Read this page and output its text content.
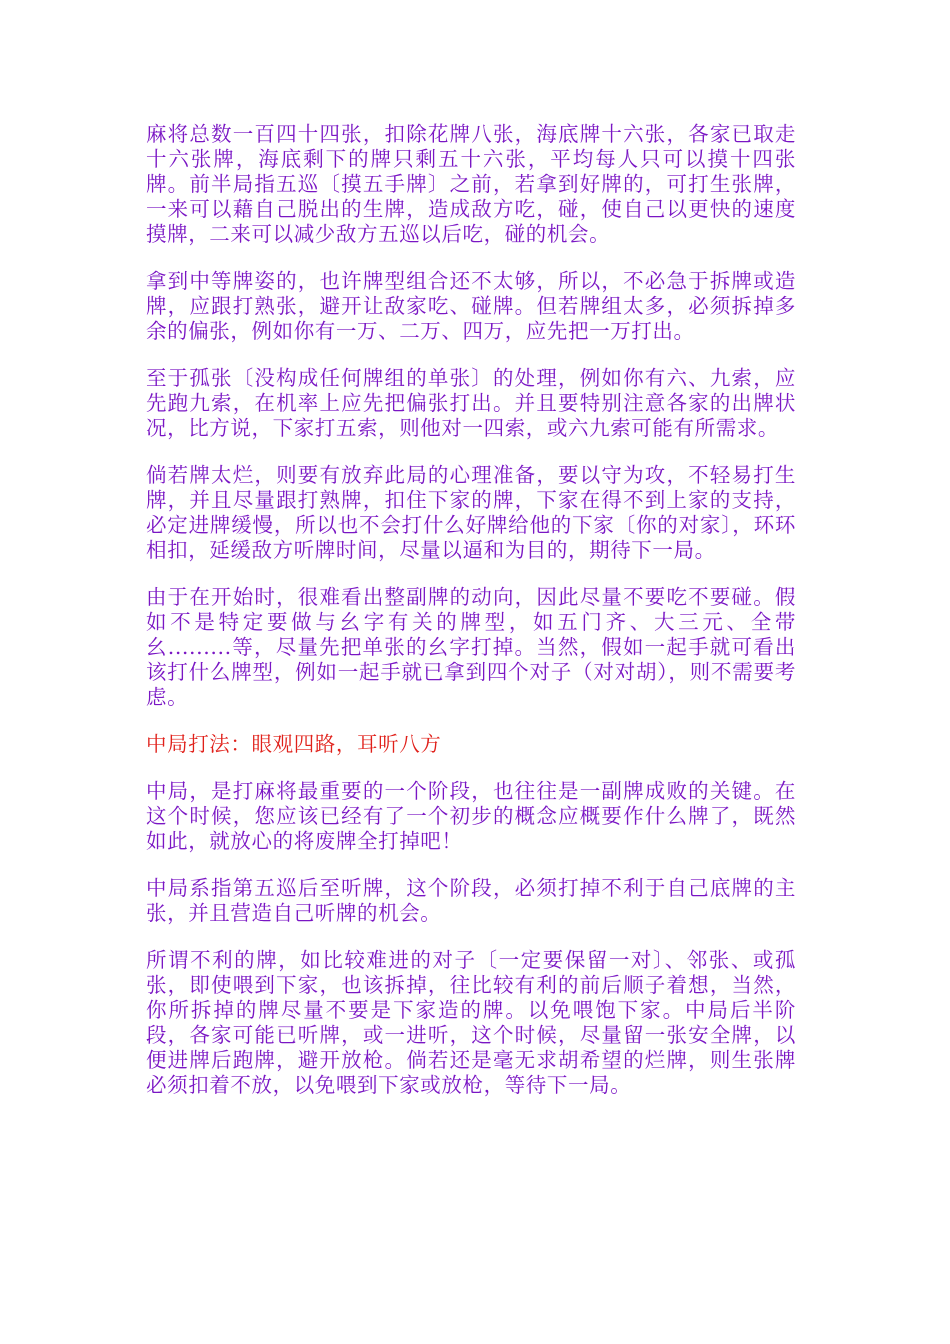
麻将总数一百四十四张，扣除花牌八张，海底牌十六张，各家已取走十六张牌，海底剩下的牌只剩五十六张，平均每人只可以摸十四张牌。前半局指五巡〔摸五手牌〕之前，若拿到好牌的，可打生张牌，一来可以藉自己脱出的生牌，造成敌方吃，碰，使自己以更快的速度摸牌，二来可以减少敌方五巡以后吃，碰的机会。

拿到中等牌姿的，也许牌型组合还不太够，所以，不必急于拆牌或造牌，应跟打熟张，避开让敌家吃、碰牌。但若牌组太多，必须拆掉多余的偏张，例如你有一万、二万、四万，应先把一万打出。

至于孤张〔没构成任何牌组的单张〕的处理，例如你有六、九索，应先跑九索，在机率上应先把偏张打出。并且要特别注意各家的出牌状况，比方说，下家打五索，则他对一四索，或六九索可能有所需求。

倘若牌太烂，则要有放弃此局的心理准备，要以守为攻，不轻易打生牌，并且尽量跟打熟牌，扣住下家的牌，下家在得不到上家的支持，必定进牌缓慢，所以也不会打什么好牌给他的下家〔你的对家〕，环环相扣，延缓敌方听牌时间，尽量以逼和为目的，期待下一局。

由于在开始时，很难看出整副牌的动向，因此尽量不要吃不要碰。假如不是特定要做与幺字有关的牌型，如五门齐、大三元、全带幺.........等，尽量先把单张的幺字打掉。当然，假如一起手就可看出该打什么牌型，例如一起手就已拿到四个对子（对对胡），则不需要考虑。

中局打法：眼观四路，耳听八方

中局，是打麻将最重要的一个阶段，也往往是一副牌成败的关键。在这个时候，您应该已经有了一个初步的概念应概要作什么牌了，既然如此，就放心的将废牌全打掉吧！

中局系指第五巡后至听牌，这个阶段，必须打掉不利于自己底牌的主张，并且营造自己听牌的机会。

所谓不利的牌，如比较难进的对子〔一定要保留一对〕、邻张、或孤张，即使喂到下家，也该拆掉，往比较有利的前后顺子着想，当然，你所拆掉的牌尽量不要是下家造的牌。以免喂饱下家。中局后半阶段，各家可能已听牌，或一进听，这个时候，尽量留一张安全牌，以便进牌后跑牌，避开放枪。倘若还是毫无求胡希望的烂牌，则生张牌必须扣着不放，以免喂到下家或放枪，等待下一局。
